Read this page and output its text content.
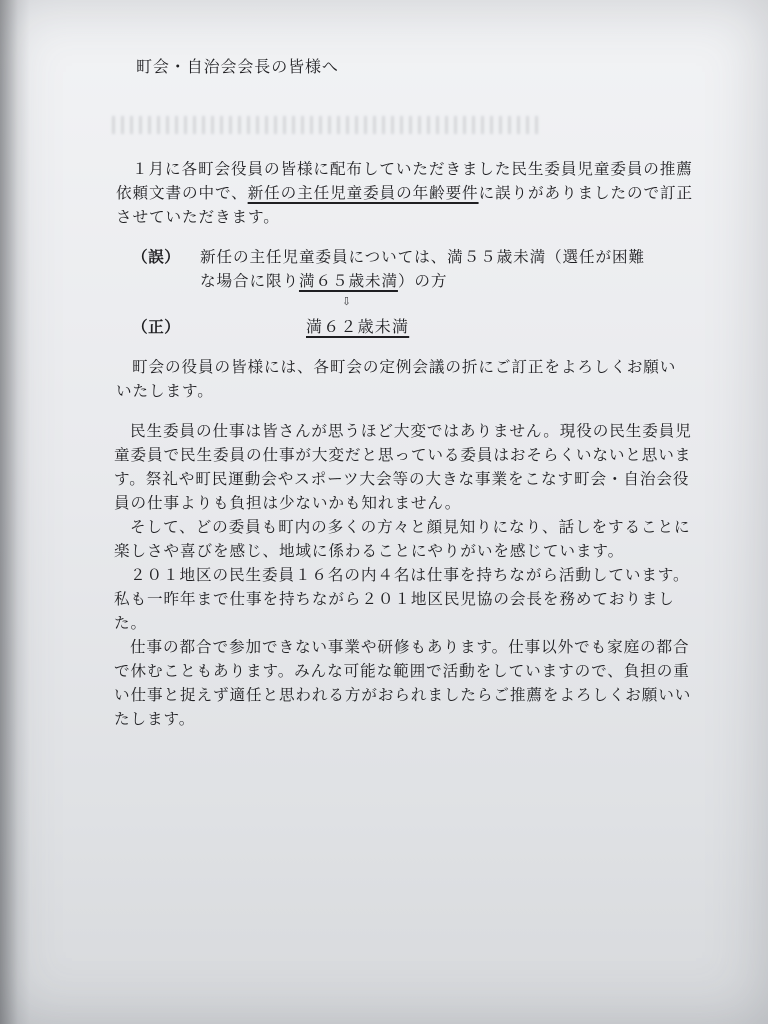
町会・自治会会長の皆様へ
１月に各町会役員の皆様に配布していただきました民生委員児童委員の推薦
依頼文書の中で、新任の主任児童委員の年齢要件に誤りがありましたので訂正
させていただきます。
（誤） 新任の主任児童委員については、満５５歳未満（選任が困難
な場合に限り満６５歳未満）の方
⇩
（正）	満６２歳未満
町会の役員の皆様には、各町会の定例会議の折にご訂正をよろしくお願い
いたします。
民生委員の仕事は皆さんが思うほど大変ではありません。現役の民生委員児
童委員で民生委員の仕事が大変だと思っている委員はおそらくいないと思いま
す。祭礼や町民運動会やスポーツ大会等の大きな事業をこなす町会・自治会役
員の仕事よりも負担は少ないかも知れません。
そして、どの委員も町内の多くの方々と顔見知りになり、話しをすることに
楽しさや喜びを感じ、地域に係わることにやりがいを感じています。
２０１地区の民生委員１６名の内４名は仕事を持ちながら活動しています。
私も一昨年まで仕事を持ちながら２０１地区民児協の会長を務めておりまし
た。
仕事の都合で参加できない事業や研修もあります。仕事以外でも家庭の都合
で休むこともあります。みんな可能な範囲で活動をしていますので、負担の重
い仕事と捉えず適任と思われる方がおられましたらご推薦をよろしくお願いい
たします。
